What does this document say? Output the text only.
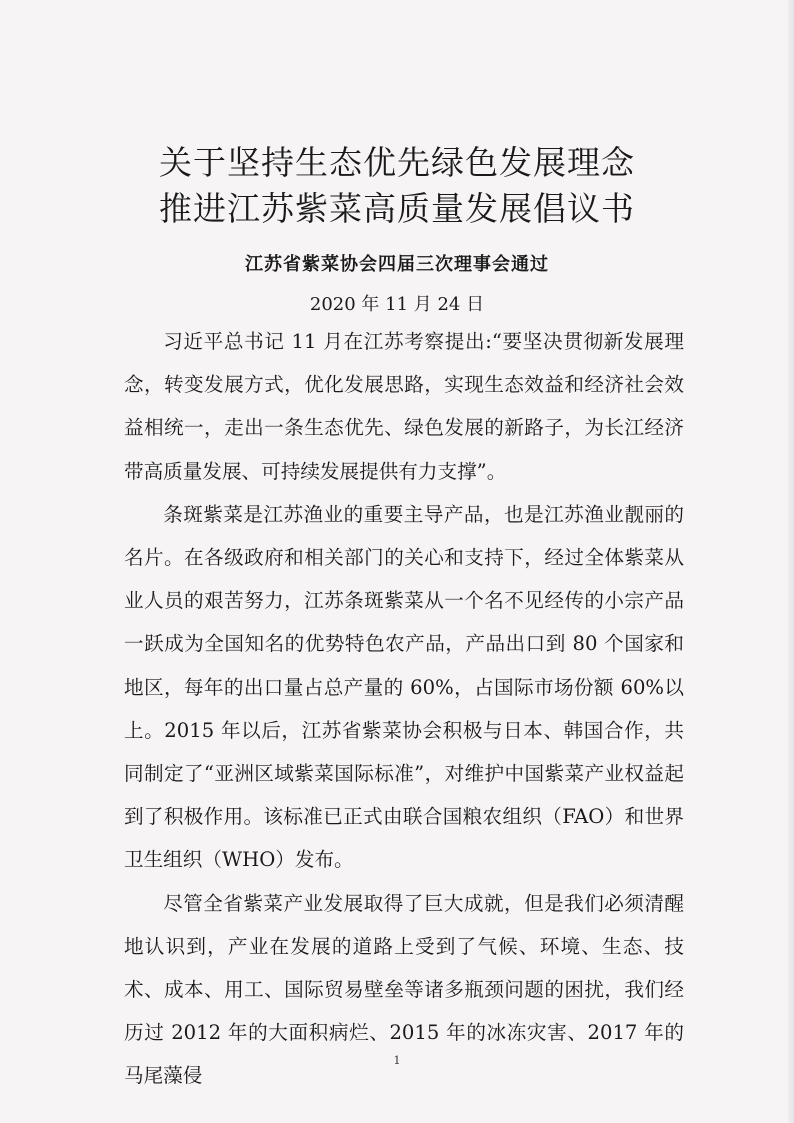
关于坚持生态优先绿色发展理念
推进江苏紫菜高质量发展倡议书
江苏省紫菜协会四届三次理事会通过
2020 年 11 月 24 日

习近平总书记 11 月在江苏考察提出:“要坚决贯彻新发展理念，转变发展方式，优化发展思路，实现生态效益和经济社会效益相统一，走出一条生态优先、绿色发展的新路子，为长江经济带高质量发展、可持续发展提供有力支撑”。

条斑紫菜是江苏渔业的重要主导产品，也是江苏渔业靓丽的名片。在各级政府和相关部门的关心和支持下，经过全体紫菜从业人员的艰苦努力，江苏条斑紫菜从一个名不见经传的小宗产品一跃成为全国知名的优势特色农产品，产品出口到 80 个国家和地区，每年的出口量占总产量的 60%，占国际市场份额 60%以上。2015 年以后，江苏省紫菜协会积极与日本、韩国合作，共同制定了“亚洲区域紫菜国际标准”，对维护中国紫菜产业权益起到了积极作用。该标准已正式由联合国粮农组织（FAO）和世界卫生组织（WHO）发布。

尽管全省紫菜产业发展取得了巨大成就，但是我们必须清醒地认识到，产业在发展的道路上受到了气候、环境、生态、技术、成本、用工、国际贸易壁垒等诸多瓶颈问题的困扰，我们经历过 2012 年的大面积病烂、2015 年的冰冻灾害、2017 年的马尾藻侵

1
